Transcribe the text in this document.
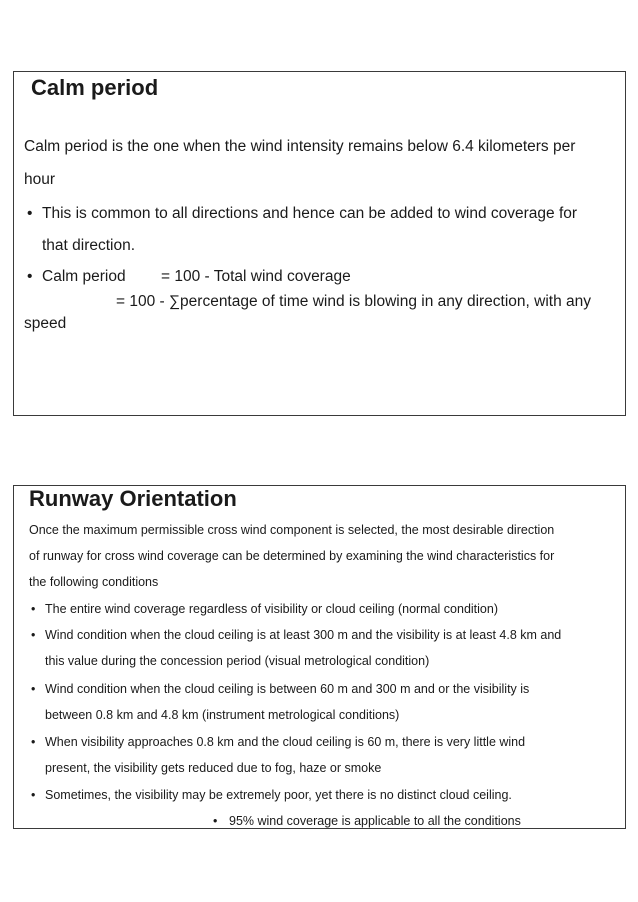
Calm period
Calm period is the one when the wind intensity remains below 6.4 kilometers per
hour
• This is common to all directions and hence can be added to wind coverage for
that direction.
• Calm period = 100 - Total wind coverage
= 100 - ∑percentage of time wind is blowing in any direction, with any
speed
Runway Orientation
Once the maximum permissible cross wind component is selected, the most desirable direction
of runway for cross wind coverage can be determined by examining the wind characteristics for
the following conditions
• The entire wind coverage regardless of visibility or cloud ceiling (normal condition)
• Wind condition when the cloud ceiling is at least 300 m and the visibility is at least 4.8 km and
this value during the concession period (visual metrological condition)
• Wind condition when the cloud ceiling is between 60 m and 300 m and or the visibility is
between 0.8 km and 4.8 km (instrument metrological conditions)
• When visibility approaches 0.8 km and the cloud ceiling is 60 m, there is very little wind
present, the visibility gets reduced due to fog, haze or smoke
• Sometimes, the visibility may be extremely poor, yet there is no distinct cloud ceiling.
• 95% wind coverage is applicable to all the conditions
